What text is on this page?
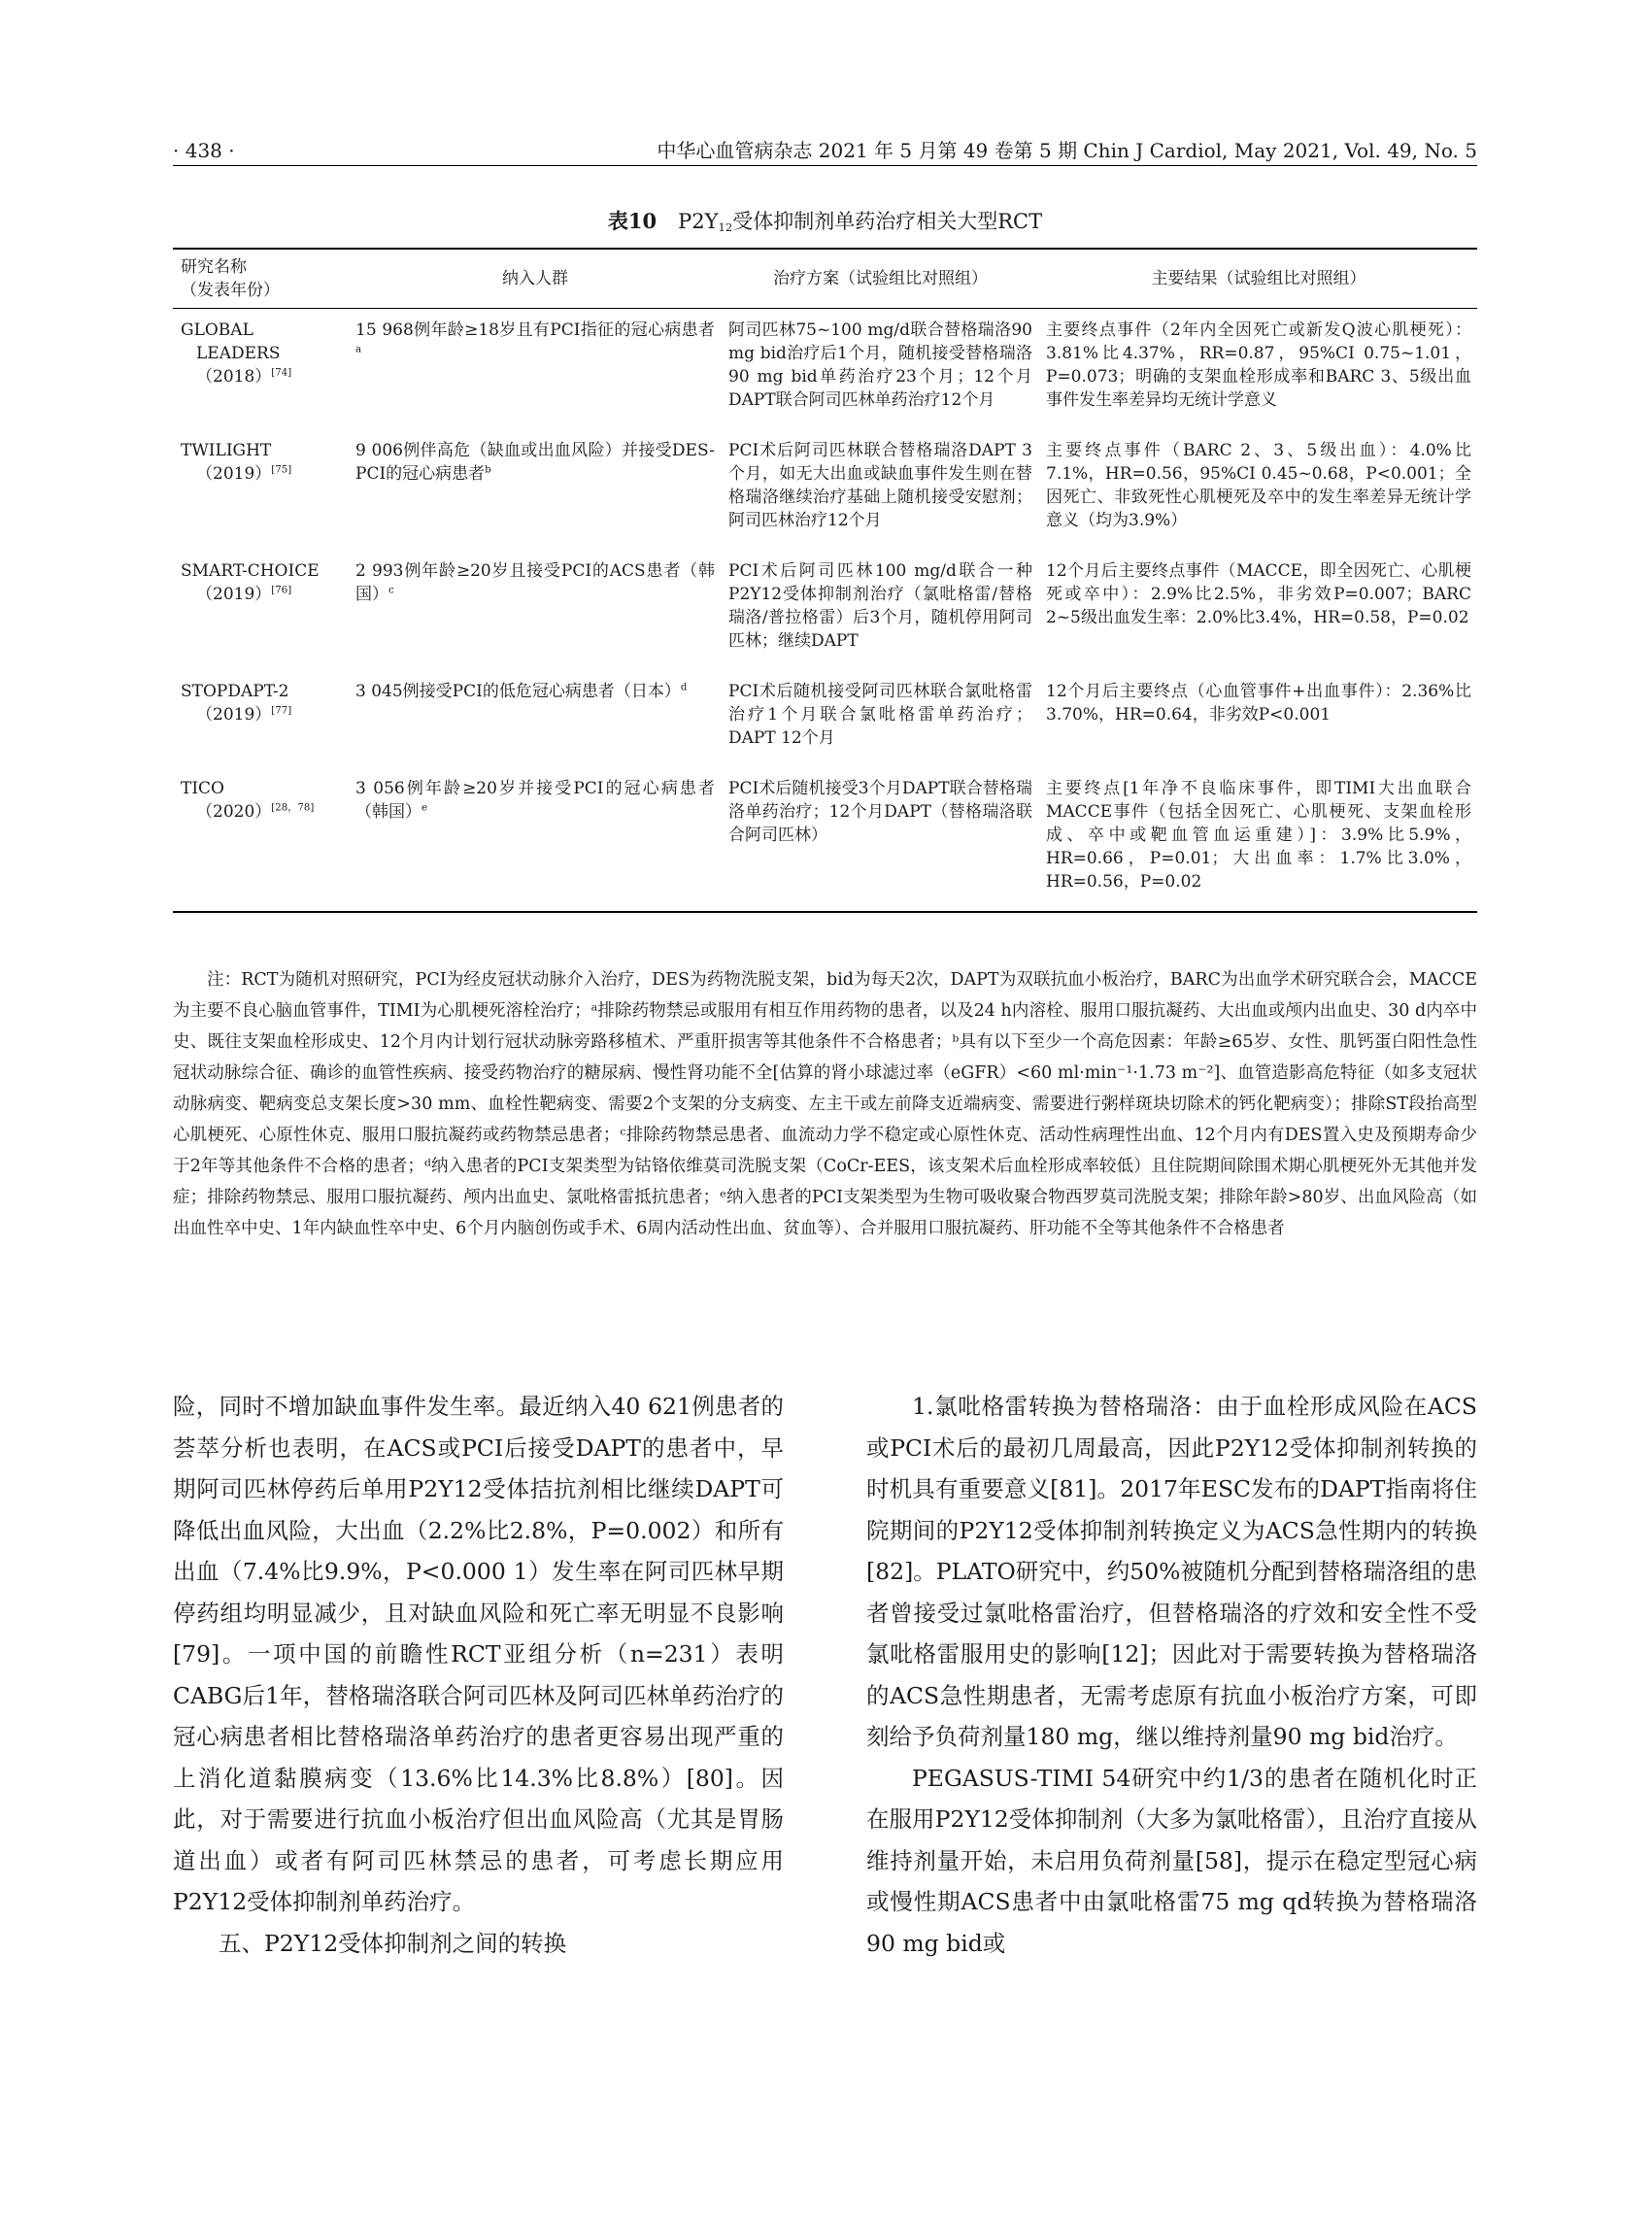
· 438 ·	中华心血管病杂志 2021 年 5 月第 49 卷第 5 期 Chin J Cardiol, May 2021, Vol. 49, No. 5
表10 $P2Y_{12}$受体抑制剂单药治疗相关大型RCT
研究名称
（发表年份）	纳入人群	治疗方案（试验组比对照组）	主要结果（试验组比对照组）

GLOBAL
LEADERS
（2018）[74]	15 968例年龄≥18岁且有PCI指征的冠心病患者$^a$	阿司匹林75~100 mg/d联合替格瑞洛90 mg bid治疗后1个月，随机接受替格瑞洛90 mg bid单药治疗23个月；12个月DAPT联合阿司匹林单药治疗12个月	主要终点事件（2年内全因死亡或新发Q波心肌梗死）：3.81%比4.37%，RR=0.87，95%CI 0.75~1.01，P=0.073；明确的支架血栓形成率和BARC 3、5级出血事件发生率差异均无统计学意义

TWILIGHT
（2019）[75]	9 006例伴高危（缺血或出血风险）并接受DES-PCI的冠心病患者$^b$	PCI术后阿司匹林联合替格瑞洛DAPT 3个月，如无大出血或缺血事件发生则在替格瑞洛继续治疗基础上随机接受安慰剂；阿司匹林治疗12个月	主要终点事件（BARC 2、3、5级出血）：4.0%比7.1%，HR=0.56，95%CI 0.45~0.68，P<0.001；全因死亡、非致死性心肌梗死及卒中的发生率差异无统计学意义（均为3.9%）

SMART-CHOICE
（2019）[76]	2 993例年龄≥20岁且接受PCI的ACS患者（韩国）$^c$	PCI术后阿司匹林100 mg/d联合一种P2Y12受体抑制剂治疗（氯吡格雷/替格瑞洛/普拉格雷）后3个月，随机停用阿司匹林；继续DAPT	12个月后主要终点事件（MACCE，即全因死亡、心肌梗死或卒中）：2.9%比2.5%，非劣效P=0.007；BARC 2~5级出血发生率：2.0%比3.4%，HR=0.58，P=0.02

STOPDAPT-2
（2019）[77]	3 045例接受PCI的低危冠心病患者（日本）$^d$	PCI术后随机接受阿司匹林联合氯吡格雷治疗1个月联合氯吡格雷单药治疗；DAPT 12个月	12个月后主要终点（心血管事件+出血事件）：2.36%比3.70%，HR=0.64，非劣效P<0.001

TICO
（2020）[28，78]	3 056例年龄≥20岁并接受PCI的冠心病患者（韩国）$^e$	PCI术后随机接受3个月DAPT联合替格瑞洛单药治疗；12个月DAPT（替格瑞洛联合阿司匹林）	主要终点[1年净不良临床事件，即TIMI大出血联合MACCE事件（包括全因死亡、心肌梗死、支架血栓形成、卒中或靶血管血运重建）]：3.9%比5.9%，HR=0.66，P=0.01；大出血率：1.7%比3.0%，HR=0.56，P=0.02
注：RCT为随机对照研究，PCI为经皮冠状动脉介入治疗，DES为药物洗脱支架，bid为每天2次，DAPT为双联抗血小板治疗，BARC为出血学术研究联合会，MACCE为主要不良心脑血管事件，TIMI为心肌梗死溶栓治疗；ᵃ排除药物禁忌或服用有相互作用药物的患者，以及24 h内溶栓、服用口服抗凝药、大出血或颅内出血史、30 d内卒中史、既往支架血栓形成史、12个月内计划行冠状动脉旁路移植术、严重肝损害等其他条件不合格患者；ᵇ具有以下至少一个高危因素：年龄≥65岁、女性、肌钙蛋白阳性急性冠状动脉综合征、确诊的血管性疾病、接受药物治疗的糖尿病、慢性肾功能不全[估算的肾小球滤过率（eGFR）<60 ml·min⁻¹·1.73 m⁻²]、血管造影高危特征（如多支冠状动脉病变、靶病变总支架长度>30 mm、血栓性靶病变、需要2个支架的分支病变、左主干或左前降支近端病变、需要进行粥样斑块切除术的钙化靶病变）；排除ST段抬高型心肌梗死、心原性休克、服用口服抗凝药或药物禁忌患者；ᶜ排除药物禁忌患者、血流动力学不稳定或心原性休克、活动性病理性出血、12个月内有DES置入史及预期寿命少于2年等其他条件不合格的患者；ᵈ纳入患者的PCI支架类型为钴铬依维莫司洗脱支架（CoCr-EES，该支架术后血栓形成率较低）且住院期间除围术期心肌梗死外无其他并发症；排除药物禁忌、服用口服抗凝药、颅内出血史、氯吡格雷抵抗患者；ᵉ纳入患者的PCI支架类型为生物可吸收聚合物西罗莫司洗脱支架；排除年龄>80岁、出血风险高（如出血性卒中史、1年内缺血性卒中史、6个月内脑创伤或手术、6周内活动性出血、贫血等）、合并服用口服抗凝药、肝功能不全等其他条件不合格患者

险，同时不增加缺血事件发生率。最近纳入40 621例患者的荟萃分析也表明，在ACS或PCI后接受DAPT的患者中，早期阿司匹林停药后单用P2Y12受体拮抗剂相比继续DAPT可降低出血风险，大出血（2.2%比2.8%，P=0.002）和所有出血（7.4%比9.9%，P<0.000 1）发生率在阿司匹林早期停药组均明显减少，且对缺血风险和死亡率无明显不良影响[79]。一项中国的前瞻性RCT亚组分析（n=231）表明CABG后1年，替格瑞洛联合阿司匹林及阿司匹林单药治疗的冠心病患者相比替格瑞洛单药治疗的患者更容易出现严重的上消化道黏膜病变（13.6%比14.3%比8.8%）[80]。因此，对于需要进行抗血小板治疗但出血风险高（尤其是胃肠道出血）或者有阿司匹林禁忌的患者，可考虑长期应用P2Y12受体抑制剂单药治疗。

五、P2Y12受体抑制剂之间的转换

1.氯吡格雷转换为替格瑞洛：由于血栓形成风险在ACS或PCI术后的最初几周最高，因此P2Y12受体抑制剂转换的时机具有重要意义[81]。2017年ESC发布的DAPT指南将住院期间的P2Y12受体抑制剂转换定义为ACS急性期内的转换[82]。PLATO研究中，约50%被随机分配到替格瑞洛组的患者曾接受过氯吡格雷治疗，但替格瑞洛的疗效和安全性不受氯吡格雷服用史的影响[12]；因此对于需要转换为替格瑞洛的ACS急性期患者，无需考虑原有抗血小板治疗方案，可即刻给予负荷剂量180 mg，继以维持剂量90 mg bid治疗。

PEGASUS-TIMI 54研究中约1/3的患者在随机化时正在服用P2Y12受体抑制剂（大多为氯吡格雷），且治疗直接从维持剂量开始，未启用负荷剂量[58]，提示在稳定型冠心病或慢性期ACS患者中由氯吡格雷75 mg qd转换为替格瑞洛90 mg bid或
